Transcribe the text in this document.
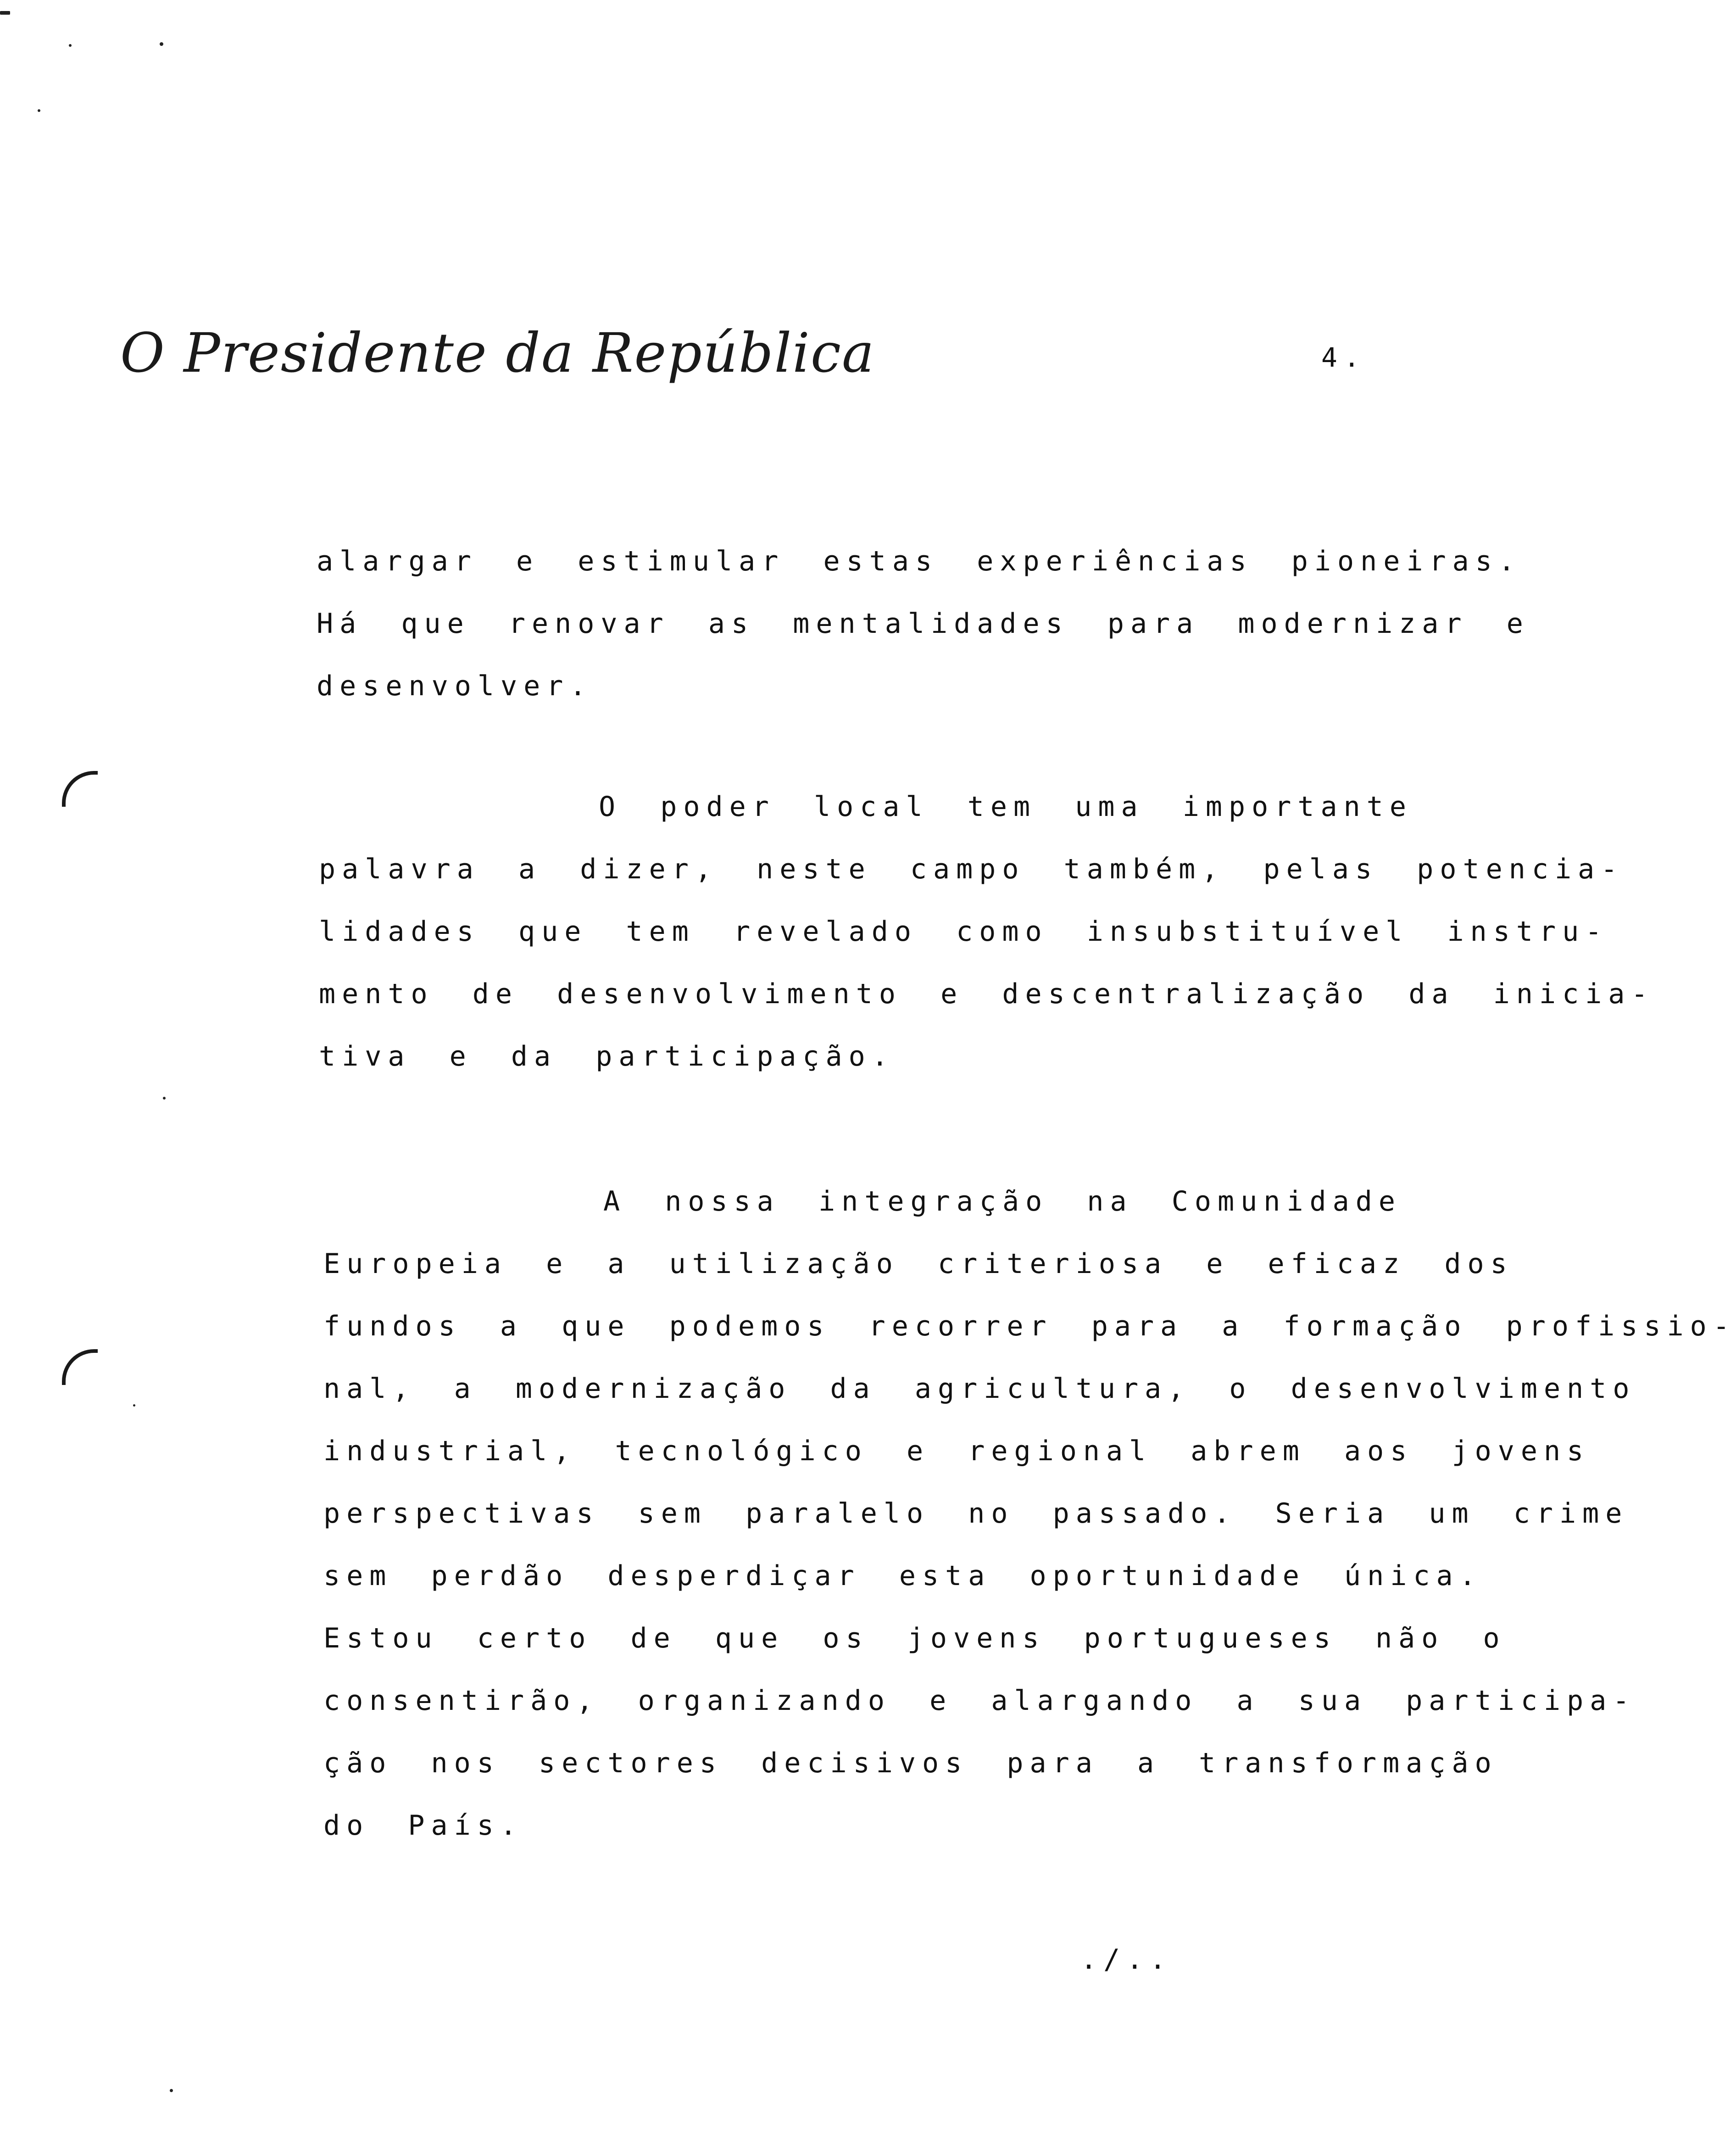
O Presidente da República	4.
alargar e estimular estas experiências pioneiras.
Há que renovar as mentalidades para modernizar e
desenvolver.
O poder local tem uma importante
palavra a dizer, neste campo também, pelas potencia-
lidades que tem revelado como insubstituível instru-
mento de desenvolvimento e descentralização da inicia-
tiva e da participação.
A nossa integração na Comunidade
Europeia e a utilização criteriosa e eficaz dos
fundos a que podemos recorrer para a formação profissio-
nal, a modernização da agricultura, o desenvolvimento
industrial, tecnológico e regional abrem aos jovens
perspectivas sem paralelo no passado. Seria um crime
sem perdão desperdiçar esta oportunidade única.
Estou certo de que os jovens portugueses não o
consentirão, organizando e alargando a sua participa-
ção nos sectores decisivos para a transformação
do País.
./..
